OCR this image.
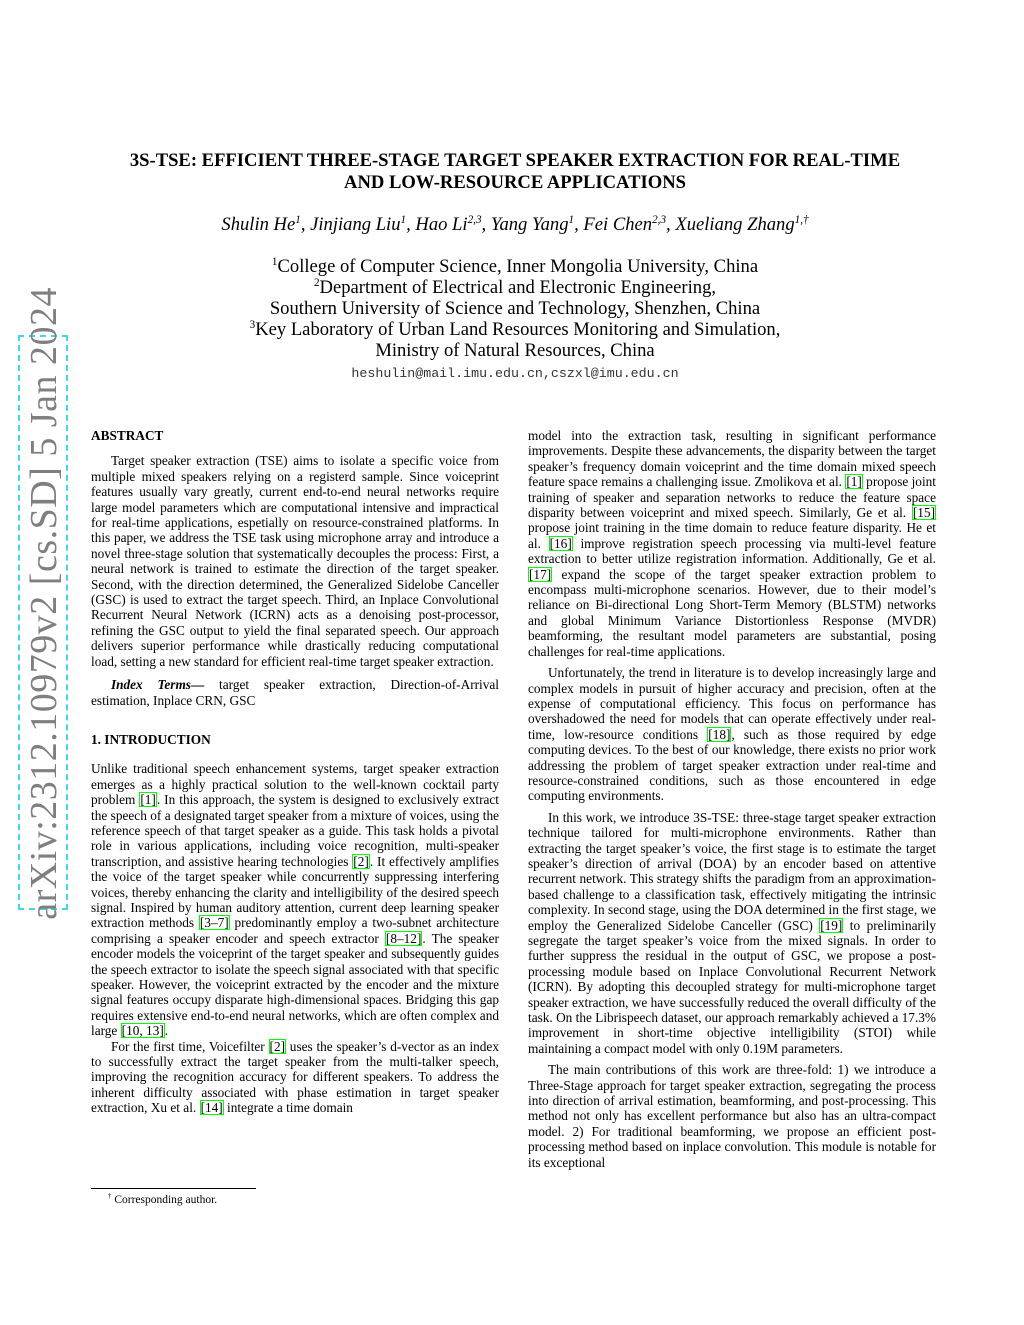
arXiv:2312.10979v2 [cs.SD] 5 Jan 2024
3S-TSE: EFFICIENT THREE-STAGE TARGET SPEAKER EXTRACTION FOR REAL-TIME
AND LOW-RESOURCE APPLICATIONS
Shulin He$^1$, Jinjiang Liu$^1$, Hao Li$^{2,3}$, Yang Yang$^1$, Fei Chen$^{2,3}$, Xueliang Zhang$^{1,\dagger}$
$^1$College of Computer Science, Inner Mongolia University, China
$^2$Department of Electrical and Electronic Engineering,
Southern University of Science and Technology, Shenzhen, China
$^3$Key Laboratory of Urban Land Resources Monitoring and Simulation,
Ministry of Natural Resources, China
heshulin@mail.imu.edu.cn,cszxl@imu.edu.cn

ABSTRACT

Target speaker extraction (TSE) aims to isolate a specific voice from multiple mixed speakers relying on a registerd sample. Since voiceprint features usually vary greatly, current end-to-end neural networks require large model parameters which are computational intensive and impractical for real-time applications, espetially on resource-constrained platforms. In this paper, we address the TSE task using microphone array and introduce a novel three-stage solution that systematically decouples the process: First, a neural network is trained to estimate the direction of the target speaker. Second, with the direction determined, the Generalized Sidelobe Canceller (GSC) is used to extract the target speech. Third, an Inplace Convolutional Recurrent Neural Network (ICRN) acts as a denoising post-processor, refining the GSC output to yield the final separated speech. Our approach delivers superior performance while drastically reducing computational load, setting a new standard for efficient real-time target speaker extraction.

Index Terms— target speaker extraction, Direction-of-Arrival estimation, Inplace CRN, GSC

1. INTRODUCTION

Unlike traditional speech enhancement systems, target speaker extraction emerges as a highly practical solution to the well-known cocktail party problem [1]. In this approach, the system is designed to exclusively extract the speech of a designated target speaker from a mixture of voices, using the reference speech of that target speaker as a guide. This task holds a pivotal role in various applications, including voice recognition, multi-speaker transcription, and assistive hearing technologies [2]. It effectively amplifies the voice of the target speaker while concurrently suppressing interfering voices, thereby enhancing the clarity and intelligibility of the desired speech signal. Inspired by human auditory attention, current deep learning speaker extraction methods [3–7] predominantly employ a two-subnet architecture comprising a speaker encoder and speech extractor [8–12]. The speaker encoder models the voiceprint of the target speaker and subsequently guides the speech extractor to isolate the speech signal associated with that specific speaker. However, the voiceprint extracted by the encoder and the mixture signal features occupy disparate high-dimensional spaces. Bridging this gap requires extensive end-to-end neural networks, which are often complex and large [10, 13].

For the first time, Voicefilter [2] uses the speaker’s d-vector as an index to successfully extract the target speaker from the multi-talker speech, improving the recognition accuracy for different speakers. To address the inherent difficulty associated with phase estimation in target speaker extraction, Xu et al. [14] integrate a time domain

model into the extraction task, resulting in significant performance improvements. Despite these advancements, the disparity between the target speaker’s frequency domain voiceprint and the time domain mixed speech feature space remains a challenging issue. Zmolikova et al. [1] propose joint training of speaker and separation networks to reduce the feature space disparity between voiceprint and mixed speech. Similarly, Ge et al. [15] propose joint training in the time domain to reduce feature disparity. He et al. [16] improve registration speech processing via multi-level feature extraction to better utilize registration information. Additionally, Ge et al. [17] expand the scope of the target speaker extraction problem to encompass multi-microphone scenarios. However, due to their model’s reliance on Bi-directional Long Short-Term Memory (BLSTM) networks and global Minimum Variance Distortionless Response (MVDR) beamforming, the resultant model parameters are substantial, posing challenges for real-time applications.

Unfortunately, the trend in literature is to develop increasingly large and complex models in pursuit of higher accuracy and precision, often at the expense of computational efficiency. This focus on performance has overshadowed the need for models that can operate effectively under real-time, low-resource conditions [18], such as those required by edge computing devices. To the best of our knowledge, there exists no prior work addressing the problem of target speaker extraction under real-time and resource-constrained conditions, such as those encountered in edge computing environments.

In this work, we introduce 3S-TSE: three-stage target speaker extraction technique tailored for multi-microphone environments. Rather than extracting the target speaker’s voice, the first stage is to estimate the target speaker’s direction of arrival (DOA) by an encoder based on attentive recurrent network. This strategy shifts the paradigm from an approximation-based challenge to a classification task, effectively mitigating the intrinsic complexity. In second stage, using the DOA determined in the first stage, we employ the Generalized Sidelobe Canceller (GSC) [19] to preliminarily segregate the target speaker’s voice from the mixed signals. In order to further suppress the residual in the output of GSC, we propose a post-processing module based on Inplace Convolutional Recurrent Network (ICRN). By adopting this decoupled strategy for multi-microphone target speaker extraction, we have successfully reduced the overall difficulty of the task. On the Librispeech dataset, our approach remarkably achieved a 17.3% improvement in short-time objective intelligibility (STOI) while maintaining a compact model with only 0.19M parameters.

The main contributions of this work are three-fold: 1) we introduce a Three-Stage approach for target speaker extraction, segregating the process into direction of arrival estimation, beamforming, and post-processing. This method not only has excellent performance but also has an ultra-compact model. 2) For traditional beamforming, we propose an efficient post-processing method based on inplace convolution. This module is notable for its exceptional

† Corresponding author.
